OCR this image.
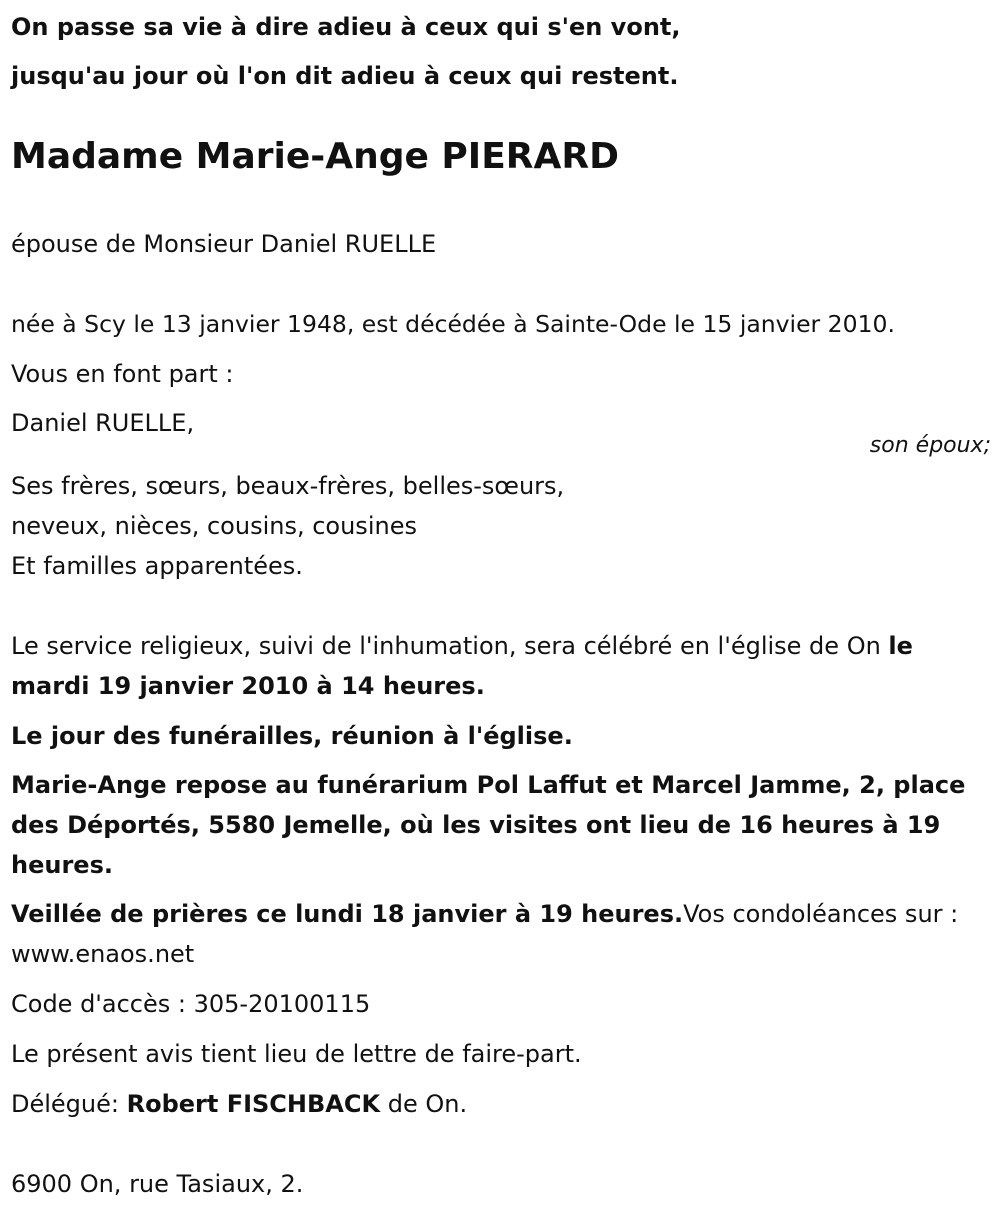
On passe sa vie à dire adieu à ceux qui s'en vont,
jusqu'au jour où l'on dit adieu à ceux qui restent.
Madame Marie-Ange PIERARD
épouse de Monsieur Daniel RUELLE
née à Scy le 13 janvier 1948, est décédée à Sainte-Ode le 15 janvier 2010.
Vous en font part :
Daniel RUELLE,
son époux;
Ses frères, sœurs, beaux-frères, belles-sœurs,
neveux, nièces, cousins, cousines
Et familles apparentées.
Le service religieux, suivi de l'inhumation, sera célébré en l'église de On le mardi 19 janvier 2010 à 14 heures.
Le jour des funérailles, réunion à l'église.
Marie-Ange repose au funérarium Pol Laffut et Marcel Jamme, 2, place des Déportés, 5580 Jemelle, où les visites ont lieu de 16 heures à 19 heures.
Veillée de prières ce lundi 18 janvier à 19 heures.Vos condoléances sur : www.enaos.net
Code d'accès : 305-20100115
Le présent avis tient lieu de lettre de faire-part.
Délégué: Robert FISCHBACK de On.
6900 On, rue Tasiaux, 2.
